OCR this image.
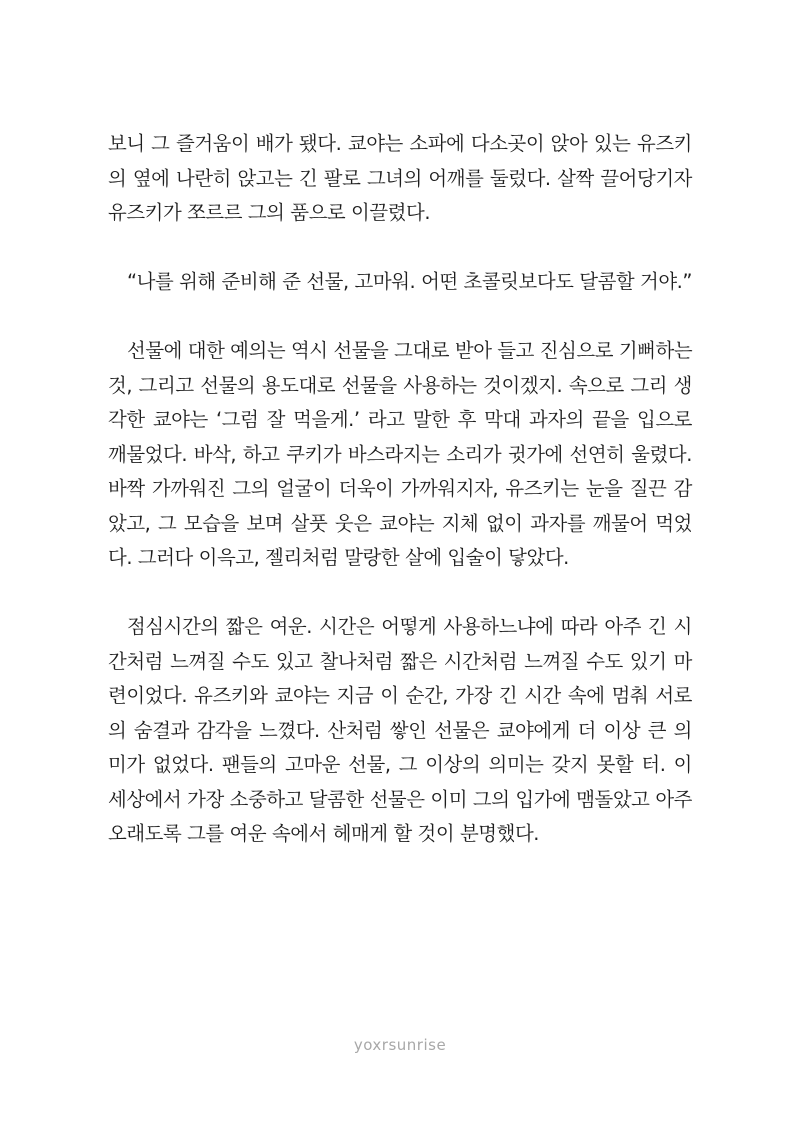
보니 그 즐거움이 배가 됐다. 쿄야는 소파에 다소곳이 앉아 있는 유즈키
의 옆에 나란히 앉고는 긴 팔로 그녀의 어깨를 둘렀다. 살짝 끌어당기자
유즈키가 쪼르르 그의 품으로 이끌렸다.
“나를 위해 준비해 준 선물, 고마워. 어떤 초콜릿보다도 달콤할 거야.”
선물에 대한 예의는 역시 선물을 그대로 받아 들고 진심으로 기뻐하는
것, 그리고 선물의 용도대로 선물을 사용하는 것이겠지. 속으로 그리 생
각한 쿄야는 ‘그럼 잘 먹을게.’ 라고 말한 후 막대 과자의 끝을 입으로
깨물었다. 바삭, 하고 쿠키가 바스라지는 소리가 귓가에 선연히 울렸다.
바짝 가까워진 그의 얼굴이 더욱이 가까워지자, 유즈키는 눈을 질끈 감
았고, 그 모습을 보며 살풋 웃은 쿄야는 지체 없이 과자를 깨물어 먹었
다. 그러다 이윽고, 젤리처럼 말랑한 살에 입술이 닿았다.
점심시간의 짧은 여운. 시간은 어떻게 사용하느냐에 따라 아주 긴 시
간처럼 느껴질 수도 있고 찰나처럼 짧은 시간처럼 느껴질 수도 있기 마
련이었다. 유즈키와 쿄야는 지금 이 순간, 가장 긴 시간 속에 멈춰 서로
의 숨결과 감각을 느꼈다. 산처럼 쌓인 선물은 쿄야에게 더 이상 큰 의
미가 없었다. 팬들의 고마운 선물, 그 이상의 의미는 갖지 못할 터. 이
세상에서 가장 소중하고 달콤한 선물은 이미 그의 입가에 맴돌았고 아주
오래도록 그를 여운 속에서 헤매게 할 것이 분명했다.
yoxrsunrise
